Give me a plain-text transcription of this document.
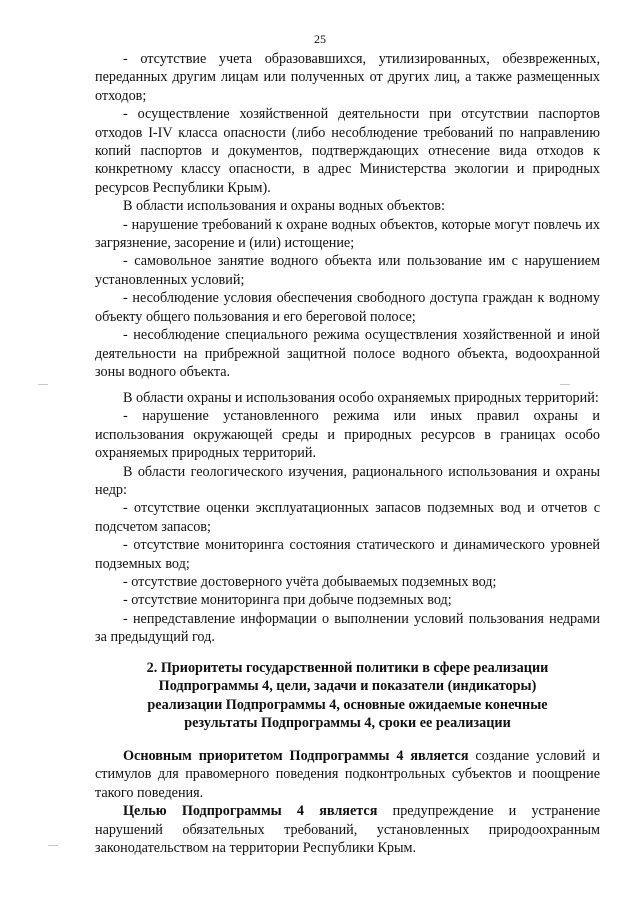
25

- отсутствие учета образовавшихся, утилизированных, обезвреженных, переданных другим лицам или полученных от других лиц, а также размещенных отходов;

- осуществление хозяйственной деятельности при отсутствии паспортов отходов I-IV класса опасности (либо несоблюдение требований по направлению копий паспортов и документов, подтверждающих отнесение вида отходов к конкретному классу опасности, в адрес Министерства экологии и природных ресурсов Республики Крым).

В области использования и охраны водных объектов:

- нарушение требований к охране водных объектов, которые могут повлечь их загрязнение, засорение и (или) истощение;

- самовольное занятие водного объекта или пользование им с нарушением установленных условий;

- несоблюдение условия обеспечения свободного доступа граждан к водному объекту общего пользования и его береговой полосе;

- несоблюдение специального режима осуществления хозяйственной и иной деятельности на прибрежной защитной полосе водного объекта, водоохранной зоны водного объекта.

В области охраны и использования особо охраняемых природных территорий:

- нарушение установленного режима или иных правил охраны и использования окружающей среды и природных ресурсов в границах особо охраняемых природных территорий.

В области геологического изучения, рационального использования и охраны недр:

- отсутствие оценки эксплуатационных запасов подземных вод и отчетов с подсчетом запасов;

- отсутствие мониторинга состояния статического и динамического уровней подземных вод;

- отсутствие достоверного учёта добываемых подземных вод;

- отсутствие мониторинга при добыче подземных вод;

- непредставление информации о выполнении условий пользования недрами за предыдущий год.

2. Приоритеты государственной политики в сфере реализации
Подпрограммы 4, цели, задачи и показатели (индикаторы)
реализации Подпрограммы 4, основные ожидаемые конечные
результаты Подпрограммы 4, сроки ее реализации

Основным приоритетом Подпрограммы 4 является создание условий и стимулов для правомерного поведения подконтрольных субъектов и поощрение такого поведения.

Целью Подпрограммы 4 является предупреждение и устранение нарушений обязательных требований, установленных природоохранным законодательством на территории Республики Крым.
